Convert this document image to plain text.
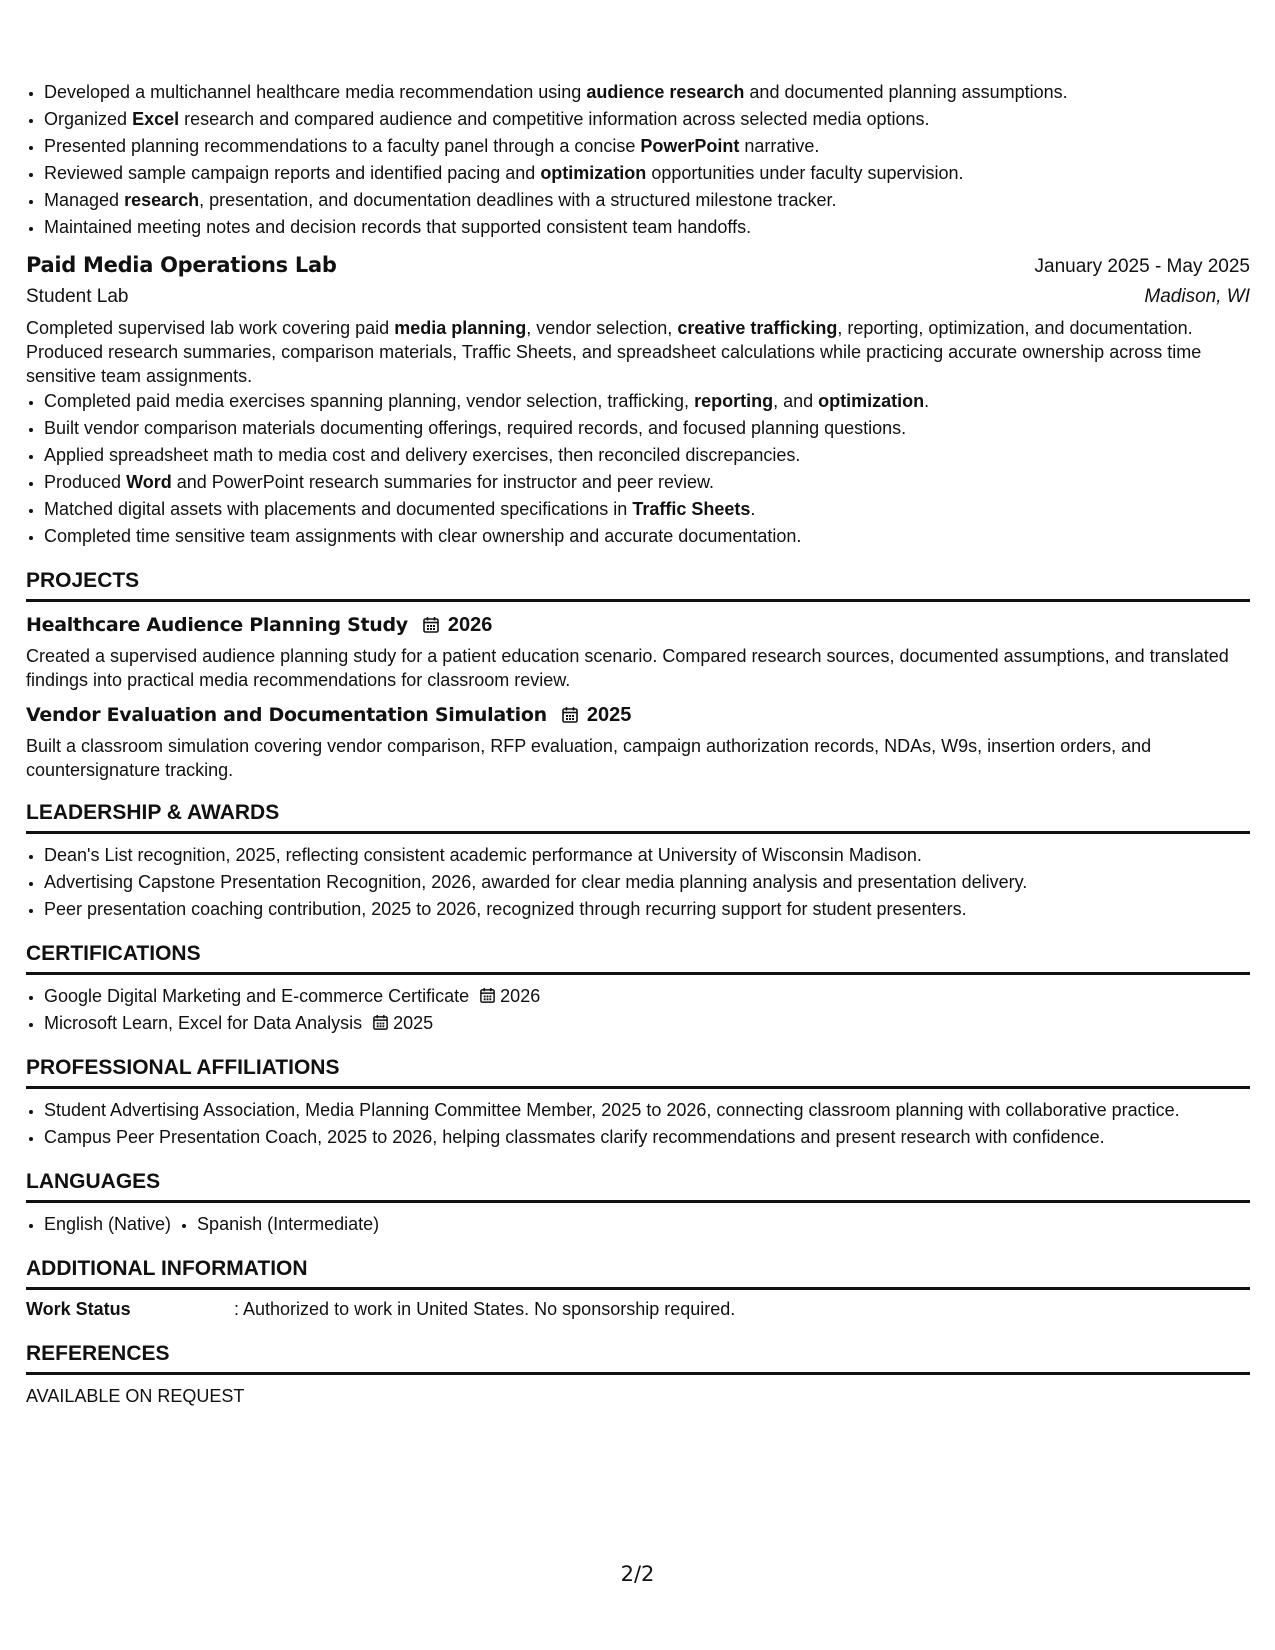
• Developed a multichannel healthcare media recommendation using audience research and documented planning assumptions.
• Organized Excel research and compared audience and competitive information across selected media options.
• Presented planning recommendations to a faculty panel through a concise PowerPoint narrative.
• Reviewed sample campaign reports and identified pacing and optimization opportunities under faculty supervision.
• Managed research, presentation, and documentation deadlines with a structured milestone tracker.
• Maintained meeting notes and decision records that supported consistent team handoffs.
Paid Media Operations Lab	January 2025 - May 2025
Student Lab	Madison, WI

Completed supervised lab work covering paid media planning, vendor selection, creative trafficking, reporting, optimization, and documentation. Produced research summaries, comparison materials, Traffic Sheets, and spreadsheet calculations while practicing accurate ownership across time sensitive team assignments.

• Completed paid media exercises spanning planning, vendor selection, trafficking, reporting, and optimization.
• Built vendor comparison materials documenting offerings, required records, and focused planning questions.
• Applied spreadsheet math to media cost and delivery exercises, then reconciled discrepancies.
• Produced Word and PowerPoint research summaries for instructor and peer review.
• Matched digital assets with placements and documented specifications in Traffic Sheets.
• Completed time sensitive team assignments with clear ownership and accurate documentation.
PROJECTS
Healthcare Audience Planning Study 2026

Created a supervised audience planning study for a patient education scenario. Compared research sources, documented assumptions, and translated findings into practical media recommendations for classroom review.

Vendor Evaluation and Documentation Simulation 2025

Built a classroom simulation covering vendor comparison, RFP evaluation, campaign authorization records, NDAs, W9s, insertion orders, and countersignature tracking.

LEADERSHIP & AWARDS
• Dean's List recognition, 2025, reflecting consistent academic performance at University of Wisconsin Madison.
• Advertising Capstone Presentation Recognition, 2026, awarded for clear media planning analysis and presentation delivery.
• Peer presentation coaching contribution, 2025 to 2026, recognized through recurring support for student presenters.
CERTIFICATIONS
• Google Digital Marketing and E-commerce Certificate 2026
• Microsoft Learn, Excel for Data Analysis 2025
PROFESSIONAL AFFILIATIONS
• Student Advertising Association, Media Planning Committee Member, 2025 to 2026, connecting classroom planning with collaborative practice.
• Campus Peer Presentation Coach, 2025 to 2026, helping classmates clarify recommendations and present research with confidence.
LANGUAGES
• English (Native)
• Spanish (Intermediate)
ADDITIONAL INFORMATION
Work Status	: Authorized to work in United States. No sponsorship required.
REFERENCES
AVAILABLE ON REQUEST
2/2
